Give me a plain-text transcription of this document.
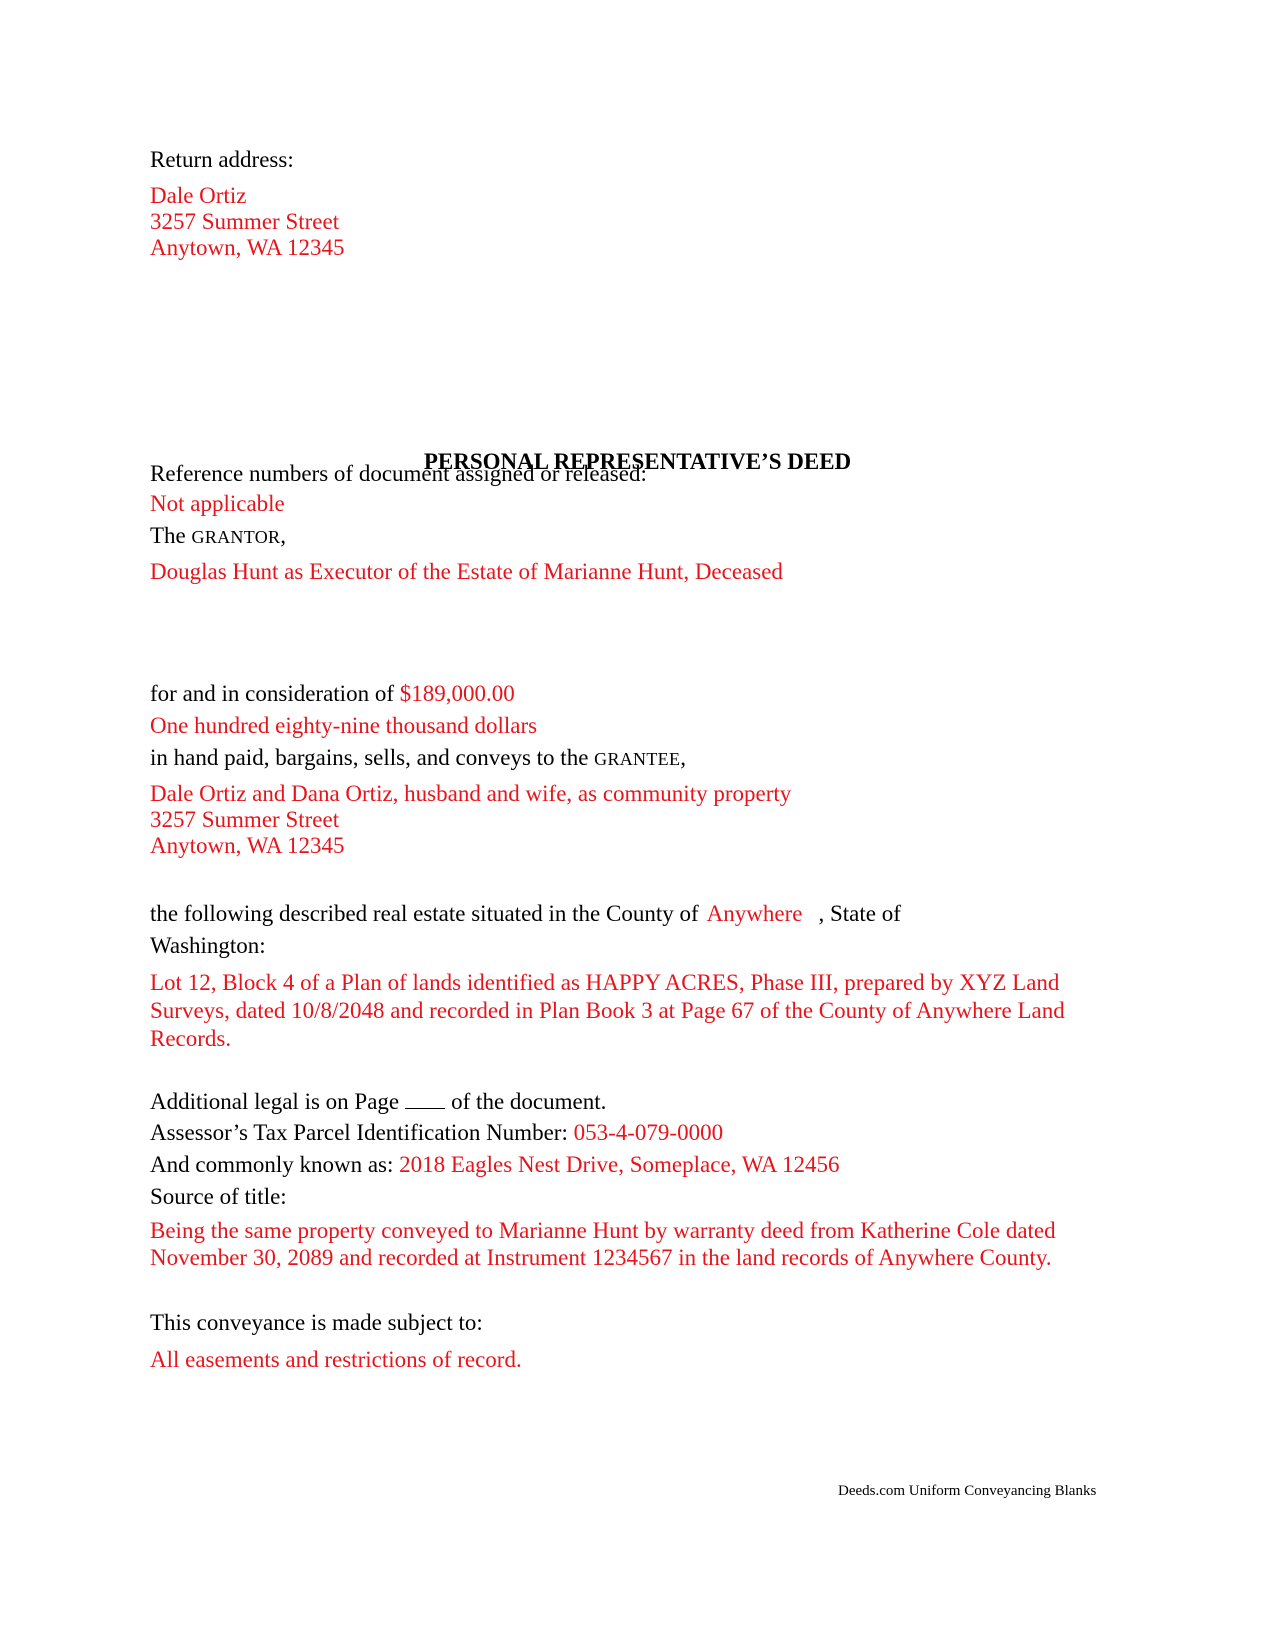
Return address:
Dale Ortiz
3257 Summer Street
Anytown, WA 12345
PERSONAL REPRESENTATIVE’S DEED
Reference numbers of document assigned or released:
Not applicable
The GRANTOR,
Douglas Hunt as Executor of the Estate of Marianne Hunt, Deceased
for and in consideration of $189,000.00
One hundred eighty-nine thousand dollars
in hand paid, bargains, sells, and conveys to the GRANTEE,
Dale Ortiz and Dana Ortiz, husband and wife, as community property
3257 Summer Street
Anytown, WA 12345
the following described real estate situated in the County of Anywhere , State of
Washington:
Lot 12, Block 4 of a Plan of lands identified as HAPPY ACRES, Phase III, prepared by XYZ Land Surveys, dated 10/8/2048 and recorded in Plan Book 3 at Page 67 of the County of Anywhere Land Records.
Additional legal is on Page of the document.
Assessor’s Tax Parcel Identification Number: 053-4-079-0000
And commonly known as: 2018 Eagles Nest Drive, Someplace, WA 12456
Source of title:
Being the same property conveyed to Marianne Hunt by warranty deed from Katherine Cole dated November 30, 2089 and recorded at Instrument 1234567 in the land records of Anywhere County.
This conveyance is made subject to:
All easements and restrictions of record.
Deeds.com Uniform Conveyancing Blanks
